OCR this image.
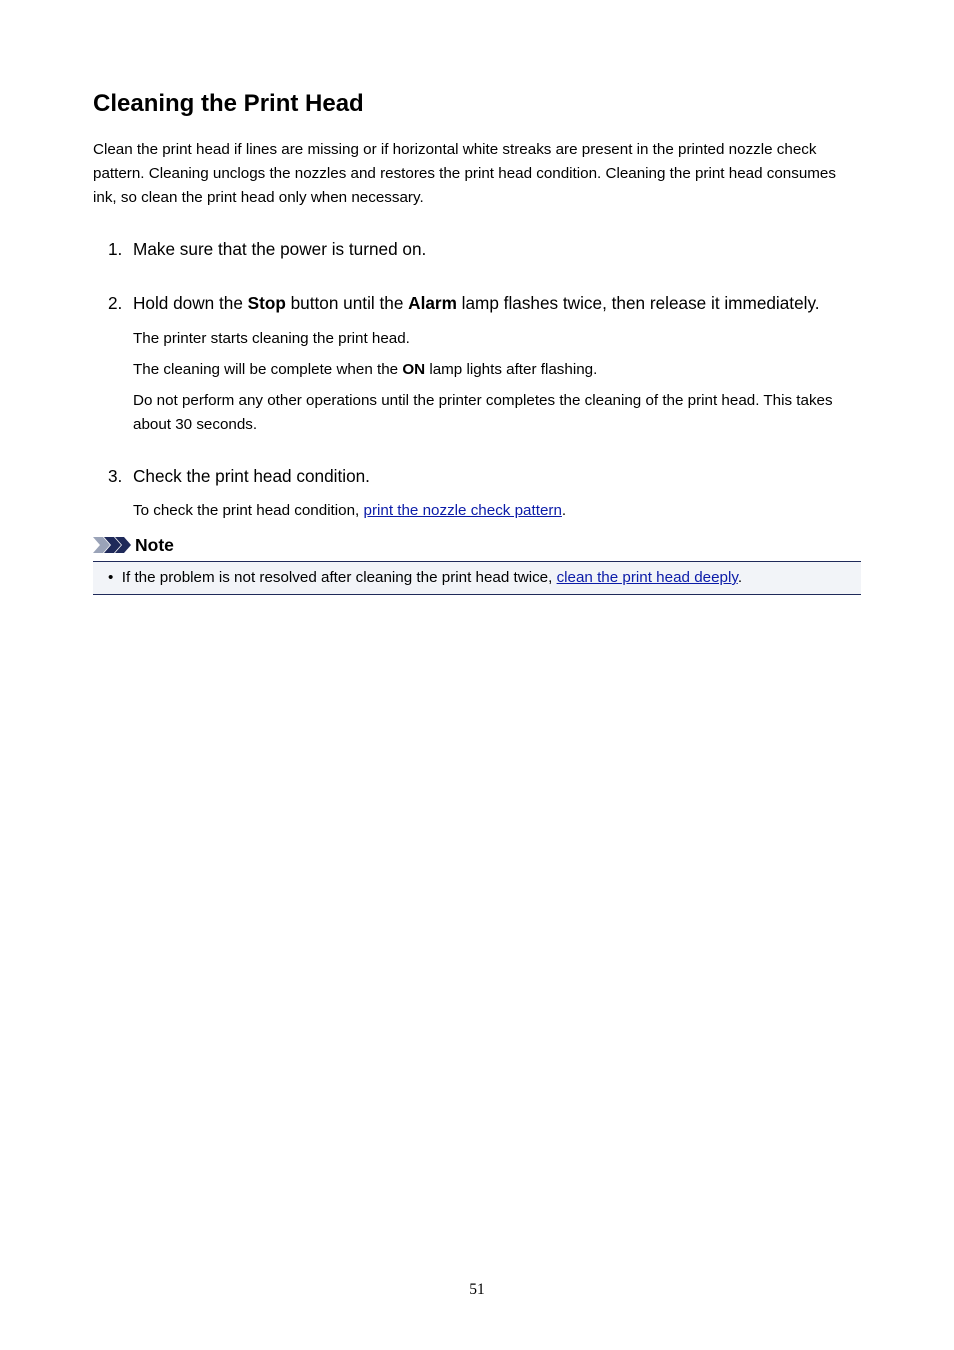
Cleaning the Print Head

Clean the print head if lines are missing or if horizontal white streaks are present in the printed nozzle check pattern. Cleaning unclogs the nozzles and restores the print head condition. Cleaning the print head consumes ink, so clean the print head only when necessary.

1. Make sure that the power is turned on.
2. Hold down the Stop button until the Alarm lamp flashes twice, then release it immediately.

The printer starts cleaning the print head.

The cleaning will be complete when the ON lamp lights after flashing.

Do not perform any other operations until the printer completes the cleaning of the print head. This takes about 30 seconds.

3. Check the print head condition.

To check the print head condition, print the nozzle check pattern.

Note
• If the problem is not resolved after cleaning the print head twice, clean the print head deeply.
51
